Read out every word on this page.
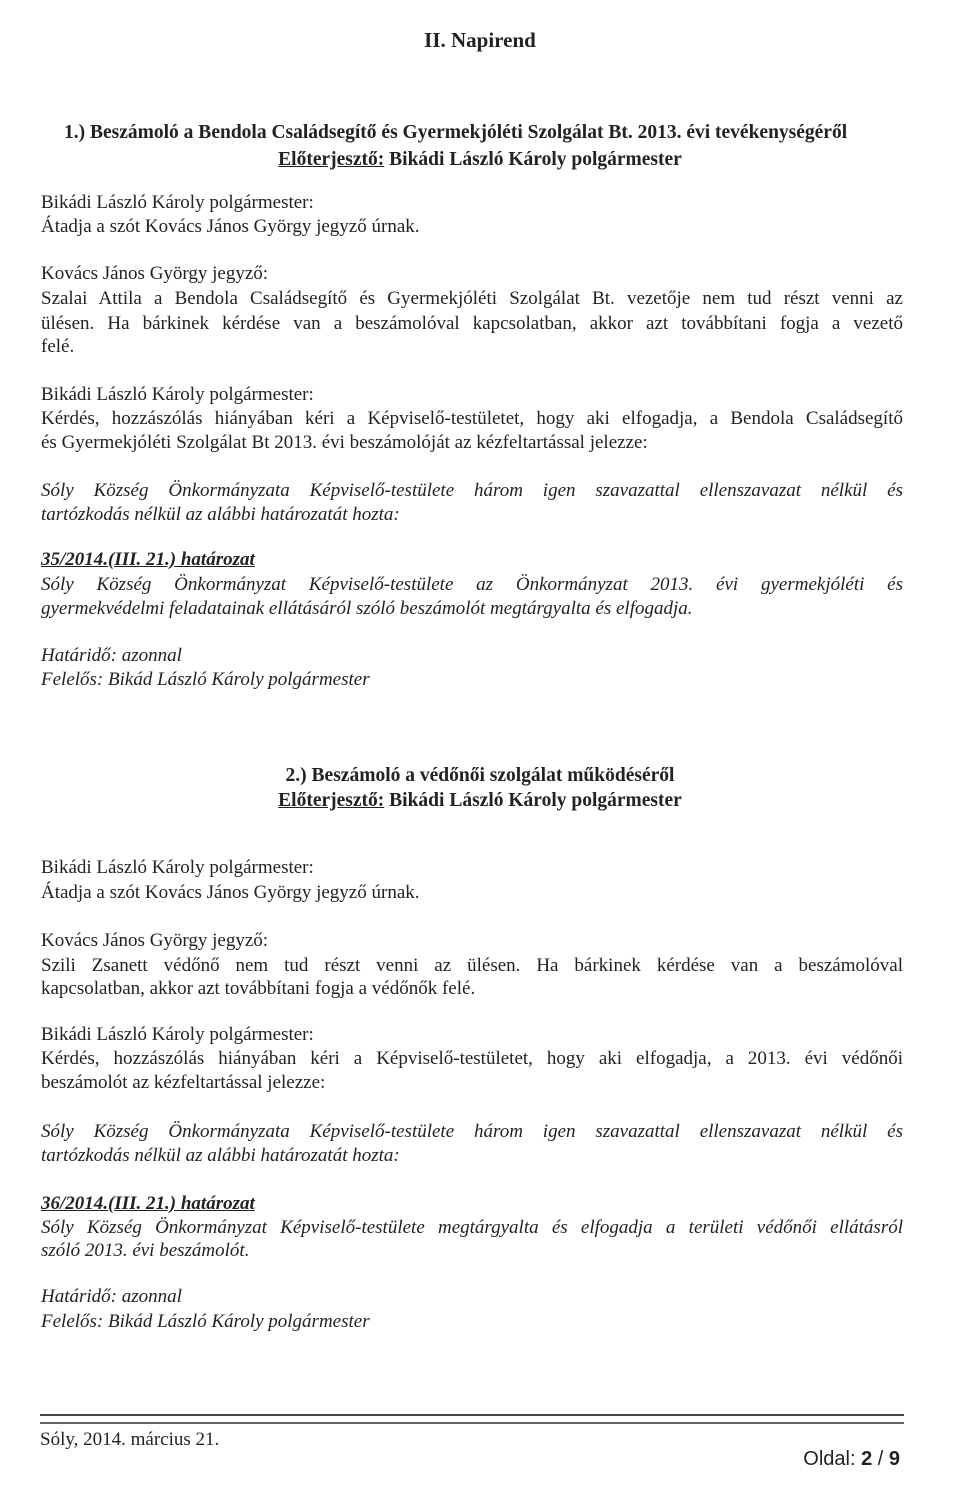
II. Napirend

1.) Beszámoló a Bendola Családsegítő és Gyermekjóléti Szolgálat Bt. 2013. évi tevékenységéről

Előterjesztő: Bikádi László Károly polgármester

Bikádi László Károly polgármester:

Átadja a szót Kovács János György jegyző úrnak.

Kovács János György jegyző:

Szalai Attila a Bendola Családsegítő és Gyermekjóléti Szolgálat Bt. vezetője nem tud részt venni az

ülésen. Ha bárkinek kérdése van a beszámolóval kapcsolatban, akkor azt továbbítani fogja a vezető

felé.

Bikádi László Károly polgármester:

Kérdés, hozzászólás hiányában kéri a Képviselő-testületet, hogy aki elfogadja, a Bendola Családsegítő

és Gyermekjóléti Szolgálat Bt 2013. évi beszámolóját az kézfeltartással jelezze:

Sóly Község Önkormányzata Képviselő-testülete három igen szavazattal ellenszavazat nélkül és

tartózkodás nélkül az alábbi határozatát hozta:

35/2014.(III. 21.) határozat

Sóly Község Önkormányzat Képviselő-testülete az Önkormányzat 2013. évi gyermekjóléti és

gyermekvédelmi feladatainak ellátásáról szóló beszámolót megtárgyalta és elfogadja.

Határidő: azonnal

Felelős: Bikád László Károly polgármester

2.) Beszámoló a védőnői szolgálat működéséről

Előterjesztő: Bikádi László Károly polgármester

Bikádi László Károly polgármester:

Átadja a szót Kovács János György jegyző úrnak.

Kovács János György jegyző:

Szili Zsanett védőnő nem tud részt venni az ülésen. Ha bárkinek kérdése van a beszámolóval

kapcsolatban, akkor azt továbbítani fogja a védőnők felé.

Bikádi László Károly polgármester:

Kérdés, hozzászólás hiányában kéri a Képviselő-testületet, hogy aki elfogadja, a 2013. évi védőnői

beszámolót az kézfeltartással jelezze:

Sóly Község Önkormányzata Képviselő-testülete három igen szavazattal ellenszavazat nélkül és

tartózkodás nélkül az alábbi határozatát hozta:

36/2014.(III. 21.) határozat

Sóly Község Önkormányzat Képviselő-testülete megtárgyalta és elfogadja a területi védőnői ellátásról

szóló 2013. évi beszámolót.

Határidő: azonnal

Felelős: Bikád László Károly polgármester

Sóly, 2014. március 21.

Oldal: 2 / 9
